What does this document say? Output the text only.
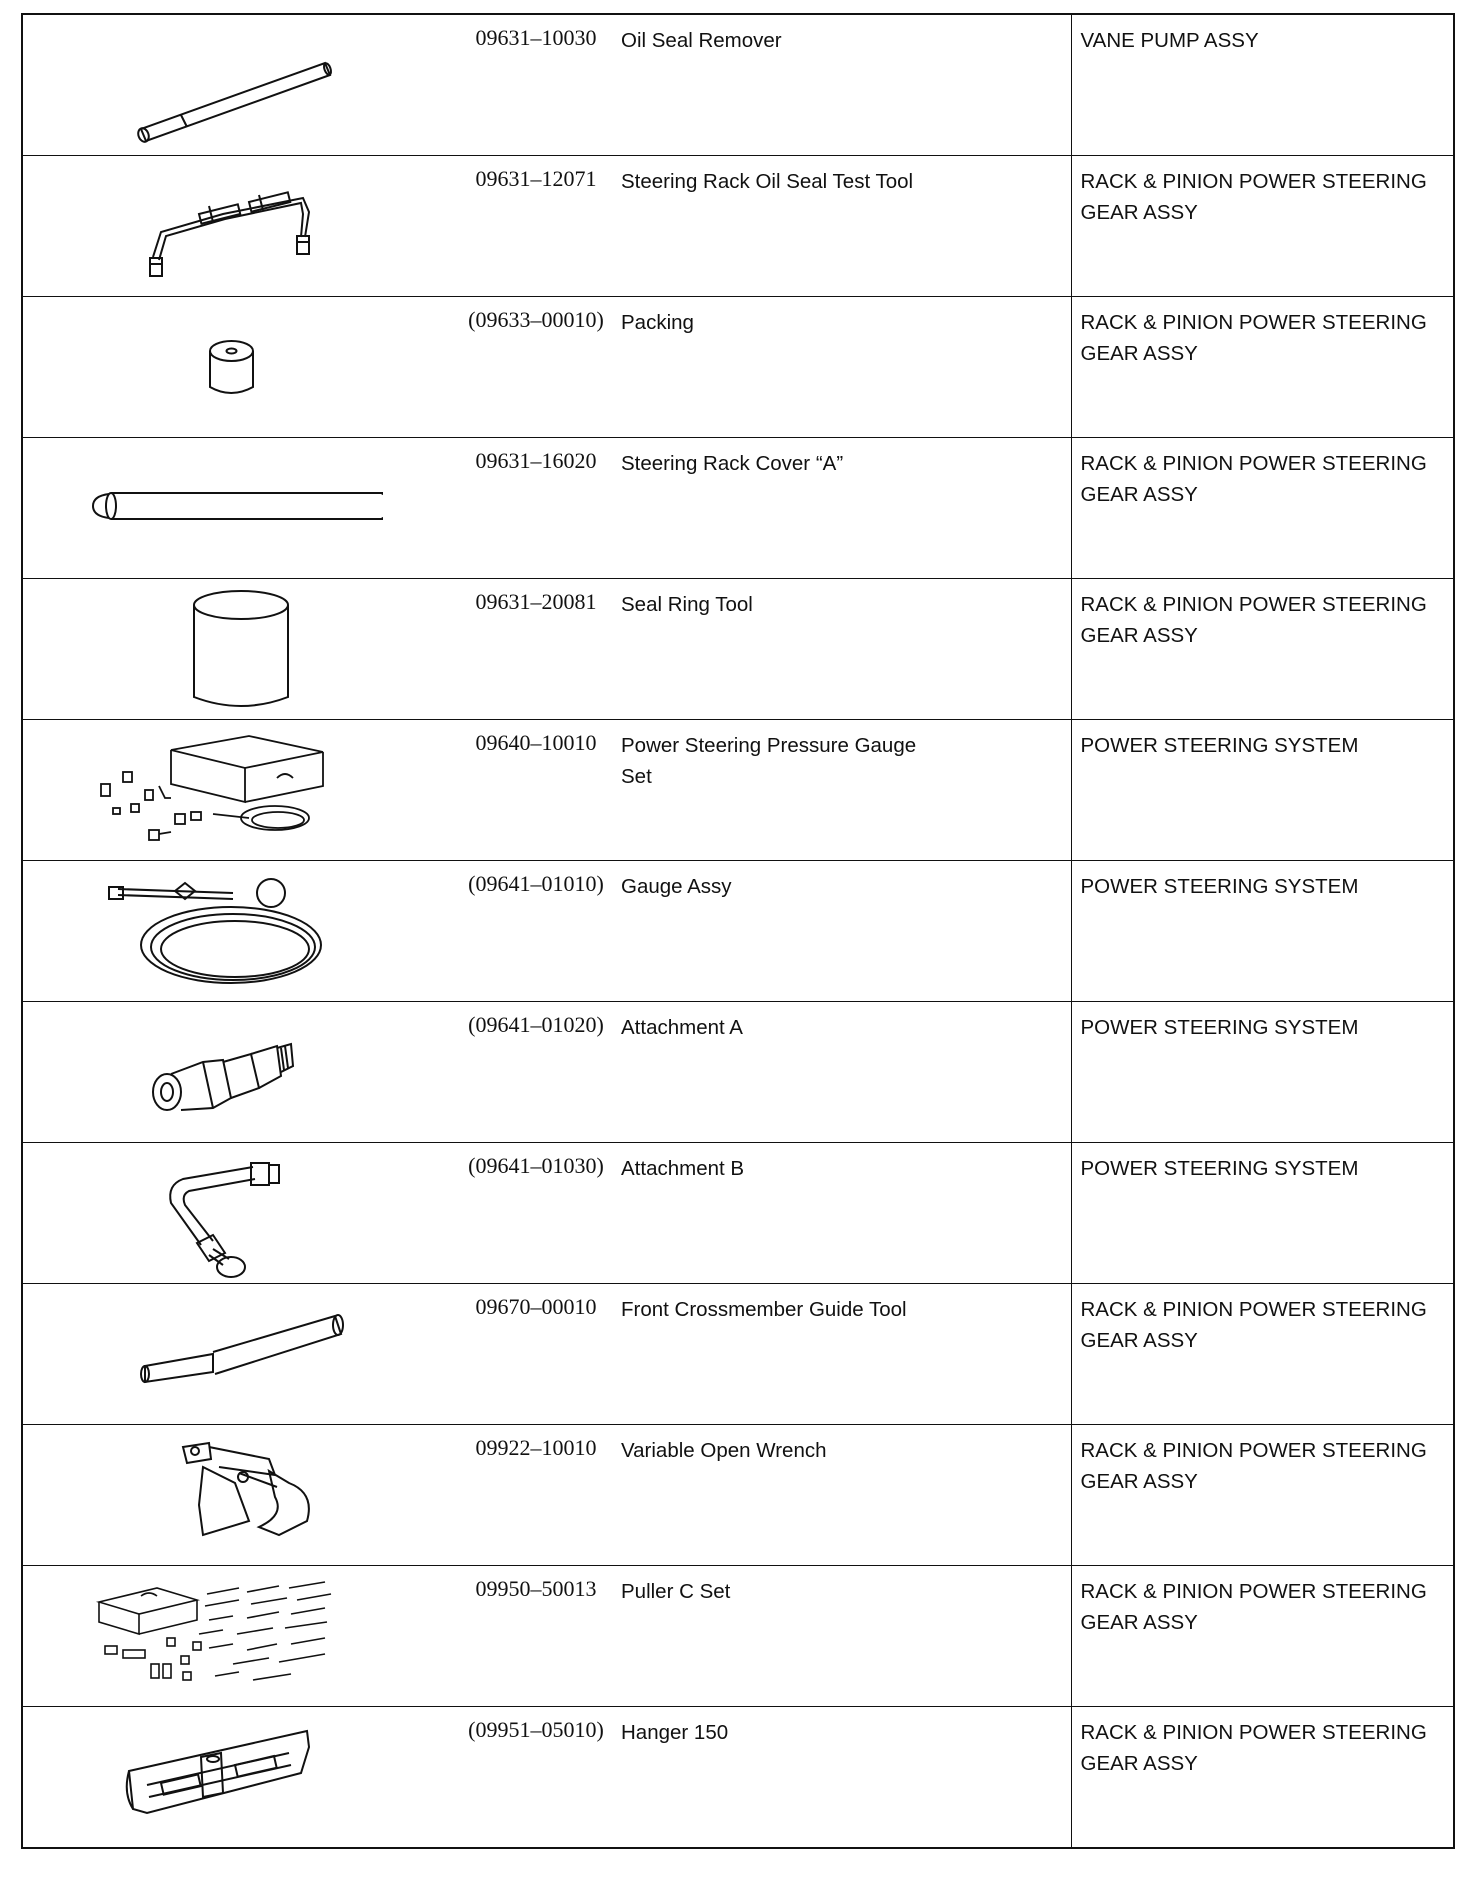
09631–10030 Oil Seal Remover	VANE PUMP ASSY

09631–12071 Steering Rack Oil Seal Test Tool	RACK & PINION POWER STEERING GEAR ASSY

(09633–00010) Packing	RACK & PINION POWER STEERING GEAR ASSY

09631–16020 Steering Rack Cover “A”	RACK & PINION POWER STEERING GEAR ASSY

09631–20081 Seal Ring Tool	RACK & PINION POWER STEERING GEAR ASSY

09640–10010 Power Steering Pressure Gauge Set	POWER STEERING SYSTEM

(09641–01010) Gauge Assy	POWER STEERING SYSTEM

(09641–01020) Attachment A	POWER STEERING SYSTEM

(09641–01030) Attachment B	POWER STEERING SYSTEM

09670–00010 Front Crossmember Guide Tool	RACK & PINION POWER STEERING GEAR ASSY

09922–10010 Variable Open Wrench	RACK & PINION POWER STEERING GEAR ASSY

09950–50013 Puller C Set	RACK & PINION POWER STEERING GEAR ASSY

(09951–05010) Hanger 150	RACK & PINION POWER STEERING GEAR ASSY
